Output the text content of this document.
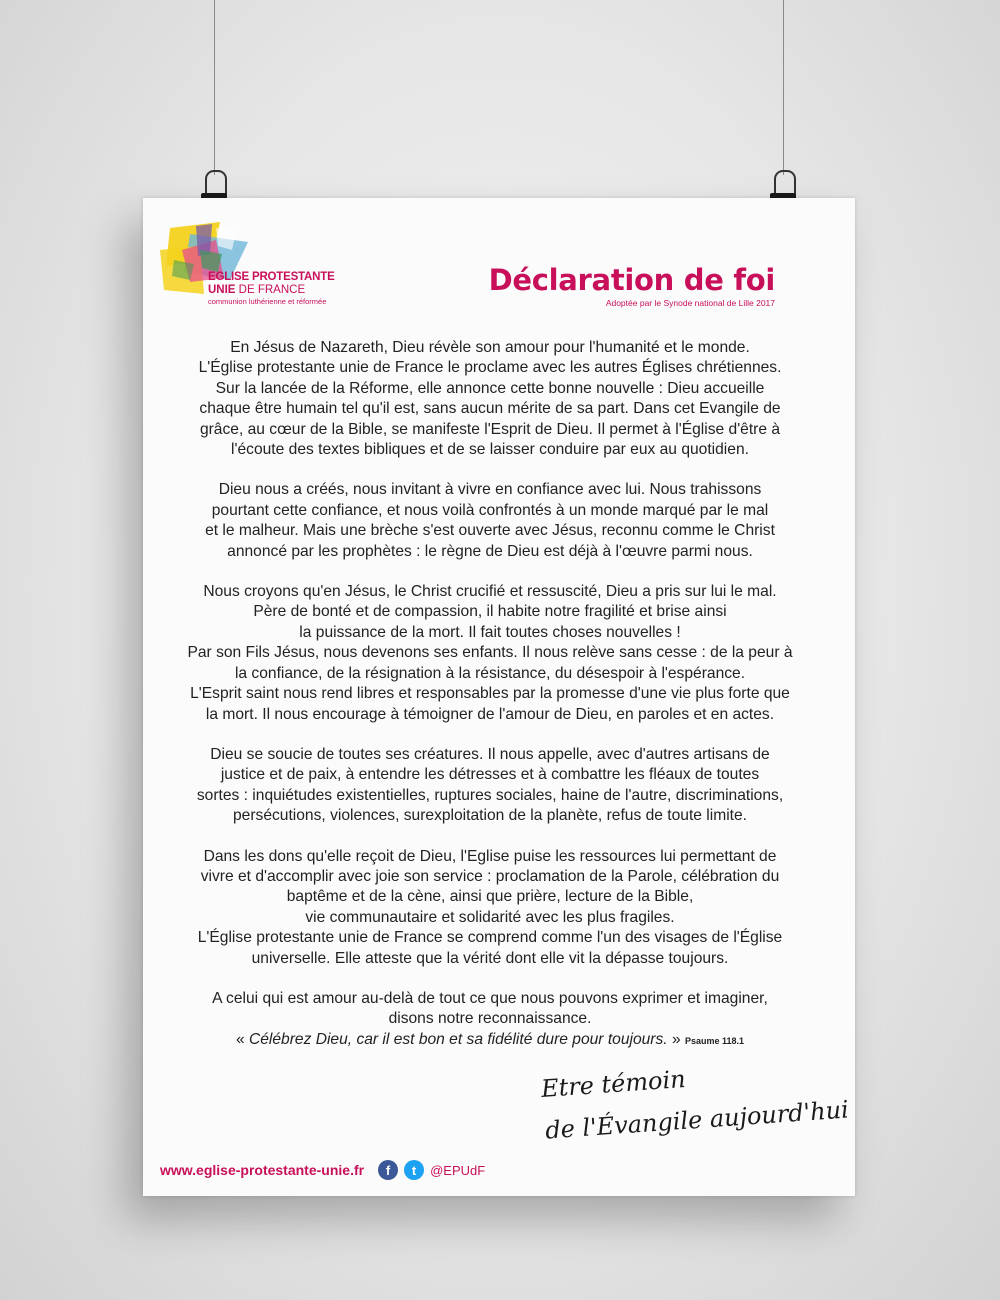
EGLISE PROTESTANTE
UNIE DE FRANCE
communion luthérienne et réformée
Déclaration de foi
Adoptée par le Synode national de Lille 2017
En Jésus de Nazareth, Dieu révèle son amour pour l'humanité et le monde.
L'Église protestante unie de France le proclame avec les autres Églises chrétiennes.
Sur la lancée de la Réforme, elle annonce cette bonne nouvelle : Dieu accueille
chaque être humain tel qu'il est, sans aucun mérite de sa part. Dans cet Evangile de
grâce, au cœur de la Bible, se manifeste l'Esprit de Dieu. Il permet à l'Église d'être à
l'écoute des textes bibliques et de se laisser conduire par eux au quotidien.
Dieu nous a créés, nous invitant à vivre en confiance avec lui. Nous trahissons
pourtant cette confiance, et nous voilà confrontés à un monde marqué par le mal
et le malheur. Mais une brèche s'est ouverte avec Jésus, reconnu comme le Christ
annoncé par les prophètes : le règne de Dieu est déjà à l'œuvre parmi nous.
Nous croyons qu'en Jésus, le Christ crucifié et ressuscité, Dieu a pris sur lui le mal.
Père de bonté et de compassion, il habite notre fragilité et brise ainsi
la puissance de la mort. Il fait toutes choses nouvelles !
Par son Fils Jésus, nous devenons ses enfants. Il nous relève sans cesse : de la peur à
la confiance, de la résignation à la résistance, du désespoir à l'espérance.
L'Esprit saint nous rend libres et responsables par la promesse d'une vie plus forte que
la mort. Il nous encourage à témoigner de l'amour de Dieu, en paroles et en actes.
Dieu se soucie de toutes ses créatures. Il nous appelle, avec d'autres artisans de
justice et de paix, à entendre les détresses et à combattre les fléaux de toutes
sortes : inquiétudes existentielles, ruptures sociales, haine de l'autre, discriminations,
persécutions, violences, surexploitation de la planète, refus de toute limite.
Dans les dons qu'elle reçoit de Dieu, l'Eglise puise les ressources lui permettant de
vivre et d'accomplir avec joie son service : proclamation de la Parole, célébration du
baptême et de la cène, ainsi que prière, lecture de la Bible,
vie communautaire et solidarité avec les plus fragiles.
L'Église protestante unie de France se comprend comme l'un des visages de l'Église
universelle. Elle atteste que la vérité dont elle vit la dépasse toujours.
A celui qui est amour au-delà de tout ce que nous pouvons exprimer et imaginer,
disons notre reconnaissance.
« Célébrez Dieu, car il est bon et sa fidélité dure pour toujours. » Psaume 118.1
Etre témoin
de l'Évangile aujourd'hui
www.eglise-protestante-unie.fr	f	t	@EPUdF
